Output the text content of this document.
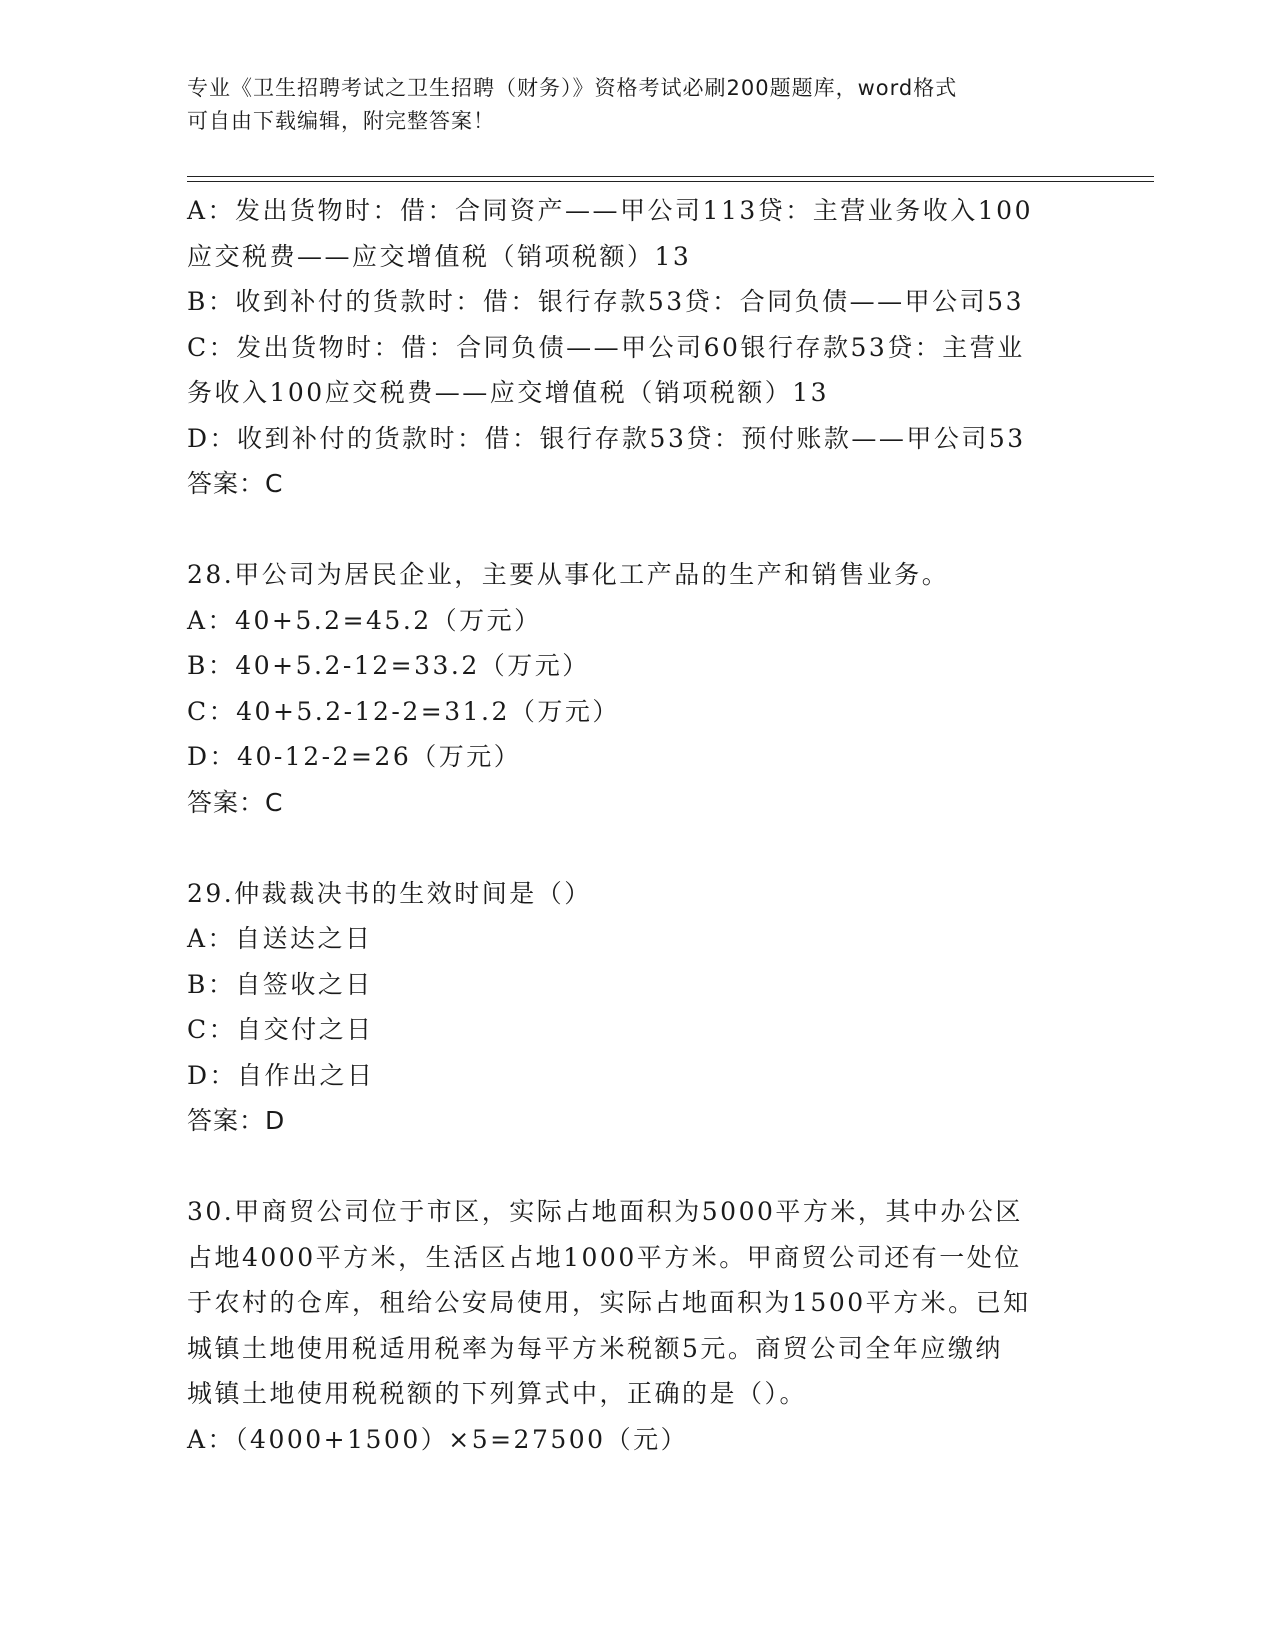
专业《卫生招聘考试之卫生招聘（财务）》资格考试必刷200题题库，word格式
可自由下载编辑，附完整答案！
A：发出货物时：借：合同资产——甲公司113贷：主营业务收入100
应交税费——应交增值税（销项税额）13
B：收到补付的货款时：借：银行存款53贷：合同负债——甲公司53
C：发出货物时：借：合同负债——甲公司60银行存款53贷：主营业
务收入100应交税费——应交增值税（销项税额）13
D：收到补付的货款时：借：银行存款53贷：预付账款——甲公司53
答案：C
28.甲公司为居民企业，主要从事化工产品的生产和销售业务。
A：40+5.2=45.2（万元）
B：40+5.2-12=33.2（万元）
C：40+5.2-12-2=31.2（万元）
D：40-12-2=26（万元）
答案：C
29.仲裁裁决书的生效时间是（）
A：自送达之日
B：自签收之日
C：自交付之日
D：自作出之日
答案：D
30.甲商贸公司位于市区，实际占地面积为5000平方米，其中办公区
占地4000平方米，生活区占地1000平方米。甲商贸公司还有一处位
于农村的仓库，租给公安局使用，实际占地面积为1500平方米。已知
城镇土地使用税适用税率为每平方米税额5元。商贸公司全年应缴纳
城镇土地使用税税额的下列算式中，正确的是（）。
A：（4000+1500）×5=27500（元）
